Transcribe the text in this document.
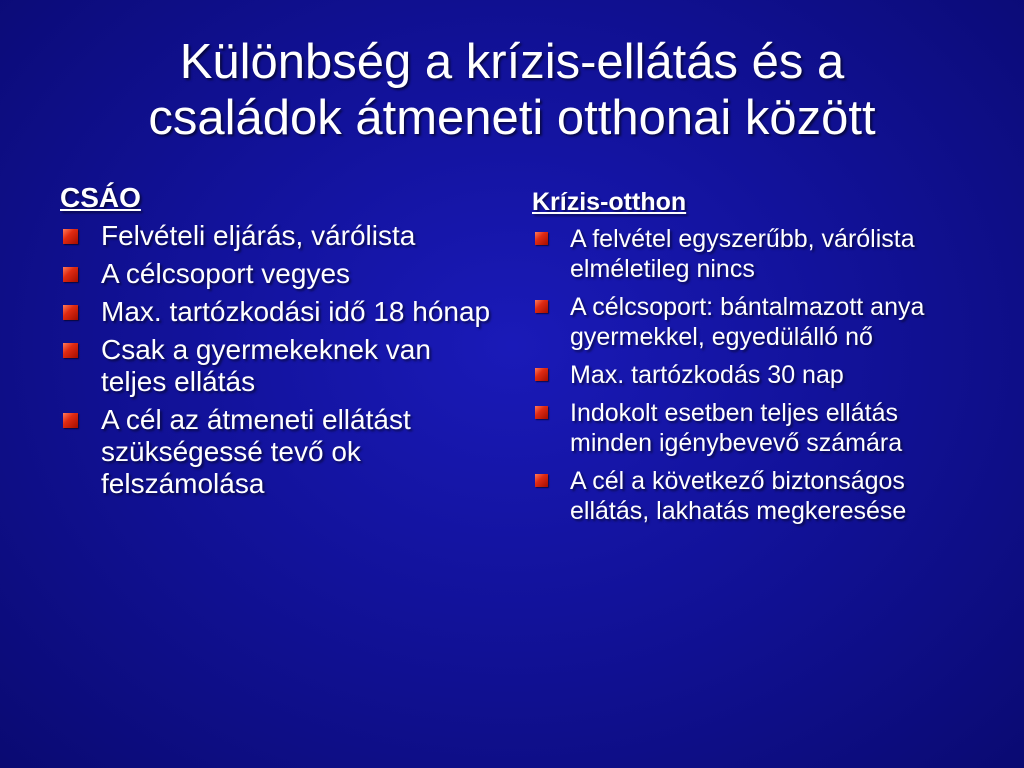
Különbség a krízis-ellátás és a
családok átmeneti otthonai között
CSÁO
Felvételi eljárás, várólista
A célcsoport vegyes
Max. tartózkodási idő 18 hónap
Csak a gyermekeknek van teljes ellátás
A cél az átmeneti ellátást szükségessé tevő ok felszámolása
Krízis-otthon
A felvétel egyszerűbb, várólista elméletileg nincs
A célcsoport: bántalmazott anya gyermekkel, egyedülálló nő
Max. tartózkodás 30 nap
Indokolt esetben teljes ellátás minden igénybevevő számára
A cél a következő biztonságos ellátás, lakhatás megkeresése
